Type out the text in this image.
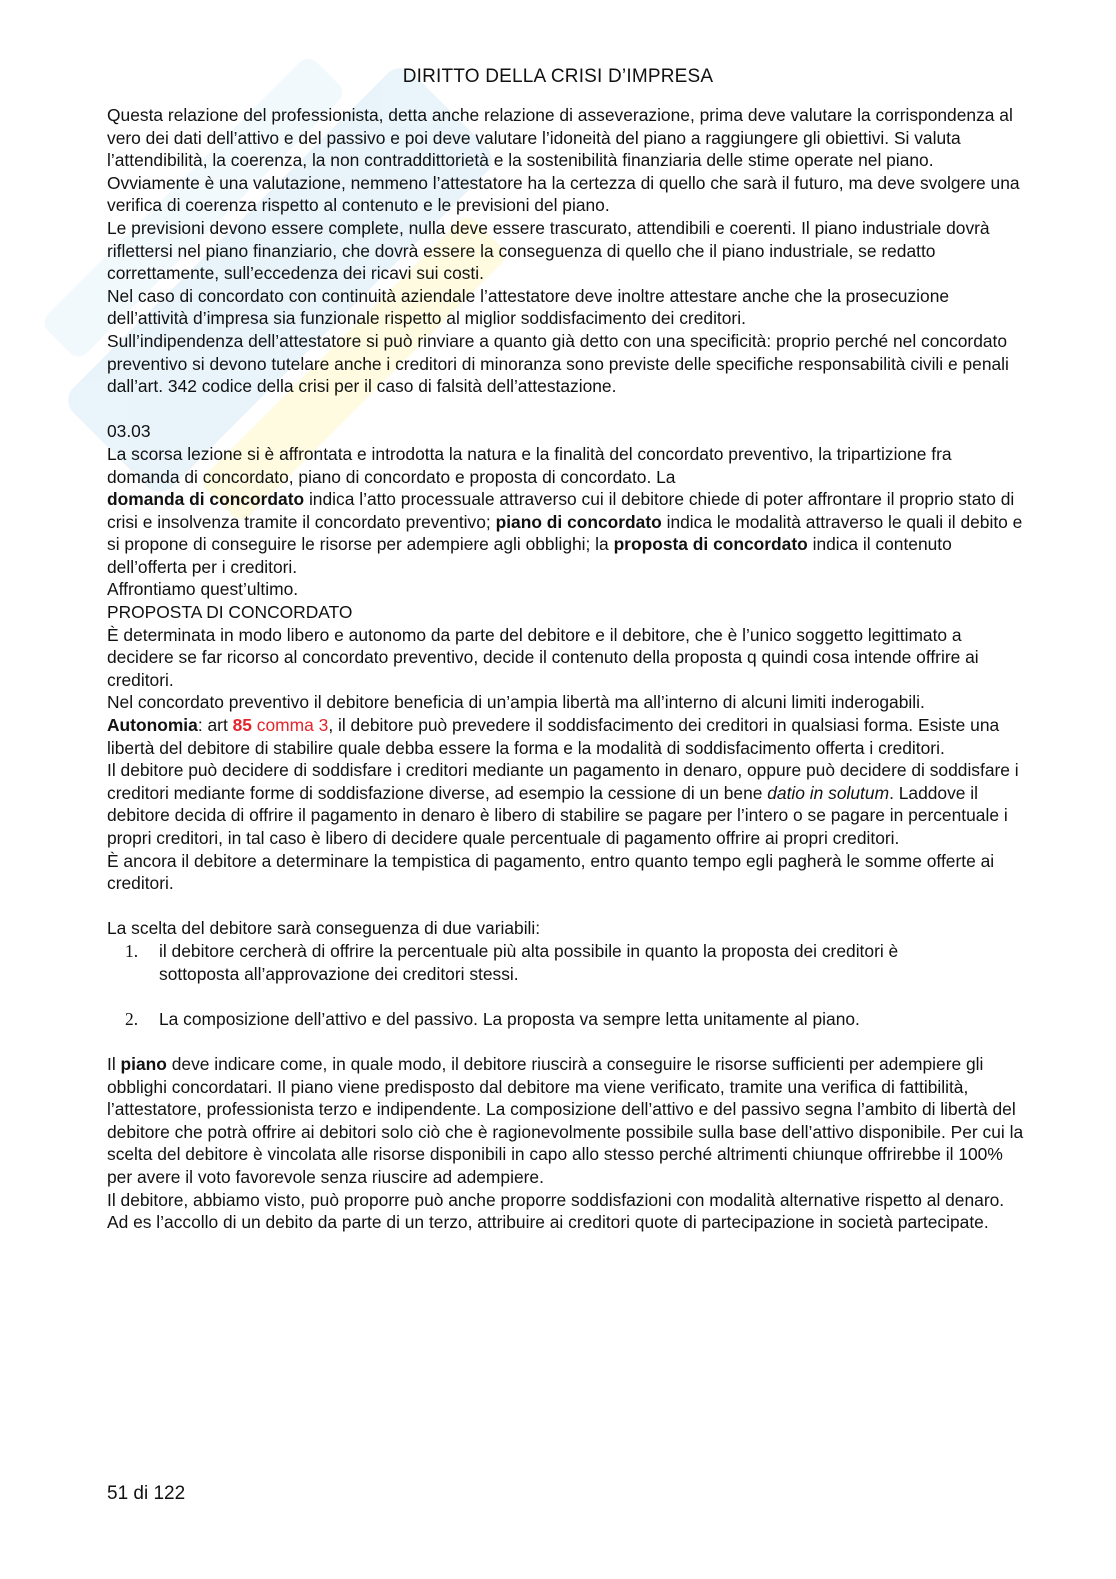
DIRITTO DELLA CRISI D’IMPRESA

Questa relazione del professionista, detta anche relazione di asseverazione, prima deve valutare la corrispondenza al vero dei dati dell’attivo e del passivo e poi deve valutare l’idoneità del piano a raggiungere gli obiettivi. Si valuta l’attendibilità, la coerenza, la non contraddittorietà e la sostenibilità finanziaria delle stime operate nel piano.

Ovviamente è una valutazione, nemmeno l’attestatore ha la certezza di quello che sarà il futuro, ma deve svolgere una verifica di coerenza rispetto al contenuto e le previsioni del piano.

Le previsioni devono essere complete, nulla deve essere trascurato, attendibili e coerenti. Il piano industriale dovrà riflettersi nel piano finanziario, che dovrà essere la conseguenza di quello che il piano industriale, se redatto correttamente, sull’eccedenza dei ricavi sui costi.

Nel caso di concordato con continuità aziendale l’attestatore deve inoltre attestare anche che la prosecuzione dell’attività d’impresa sia funzionale rispetto al miglior soddisfacimento dei creditori.

Sull’indipendenza dell’attestatore si può rinviare a quanto già detto con una specificità: proprio perché nel concordato preventivo si devono tutelare anche i creditori di minoranza sono previste delle specifiche responsabilità civili e penali dall’art. 342 codice della crisi per il caso di falsità dell’attestazione.

03.03

La scorsa lezione si è affrontata e introdotta la natura e la finalità del concordato preventivo, la tripartizione fra domanda di concordato, piano di concordato e proposta di concordato. La

domanda di concordato indica l’atto processuale attraverso cui il debitore chiede di poter affrontare il proprio stato di crisi e insolvenza tramite il concordato preventivo; piano di concordato indica le modalità attraverso le quali il debito e si propone di conseguire le risorse per adempiere agli obblighi; la proposta di concordato indica il contenuto dell’offerta per i creditori.

Affrontiamo quest’ultimo.

PROPOSTA DI CONCORDATO

È determinata in modo libero e autonomo da parte del debitore e il debitore, che è l’unico soggetto legittimato a decidere se far ricorso al concordato preventivo, decide il contenuto della proposta q quindi cosa intende offrire ai creditori.

Nel concordato preventivo il debitore beneficia di un’ampia libertà ma all’interno di alcuni limiti inderogabili.

Autonomia: art 85 comma 3, il debitore può prevedere il soddisfacimento dei creditori in qualsiasi forma. Esiste una libertà del debitore di stabilire quale debba essere la forma e la modalità di soddisfacimento offerta i creditori.

Il debitore può decidere di soddisfare i creditori mediante un pagamento in denaro, oppure può decidere di soddisfare i creditori mediante forme di soddisfazione diverse, ad esempio la cessione di un bene datio in solutum. Laddove il debitore decida di offrire il pagamento in denaro è libero di stabilire se pagare per l’intero o se pagare in percentuale i propri creditori, in tal caso è libero di decidere quale percentuale di pagamento offrire ai propri creditori.

È ancora il debitore a determinare la tempistica di pagamento, entro quanto tempo egli pagherà le somme offerte ai creditori.

La scelta del debitore sarà conseguenza di due variabili:

1. il debitore cercherà di offrire la percentuale più alta possibile in quanto la proposta dei creditori è sottoposta all’approvazione dei creditori stessi.
2. La composizione dell’attivo e del passivo. La proposta va sempre letta unitamente al piano.

Il piano deve indicare come, in quale modo, il debitore riuscirà a conseguire le risorse sufficienti per adempiere gli obblighi concordatari. Il piano viene predisposto dal debitore ma viene verificato, tramite una verifica di fattibilità, l’attestatore, professionista terzo e indipendente. La composizione dell’attivo e del passivo segna l’ambito di libertà del debitore che potrà offrire ai debitori solo ciò che è ragionevolmente possibile sulla base dell’attivo disponibile. Per cui la scelta del debitore è vincolata alle risorse disponibili in capo allo stesso perché altrimenti chiunque offrirebbe il 100% per avere il voto favorevole senza riuscire ad adempiere.

Il debitore, abbiamo visto, può proporre può anche proporre soddisfazioni con modalità alternative rispetto al denaro. Ad es l’accollo di un debito da parte di un terzo, attribuire ai creditori quote di partecipazione in società partecipate.

51 di 122
